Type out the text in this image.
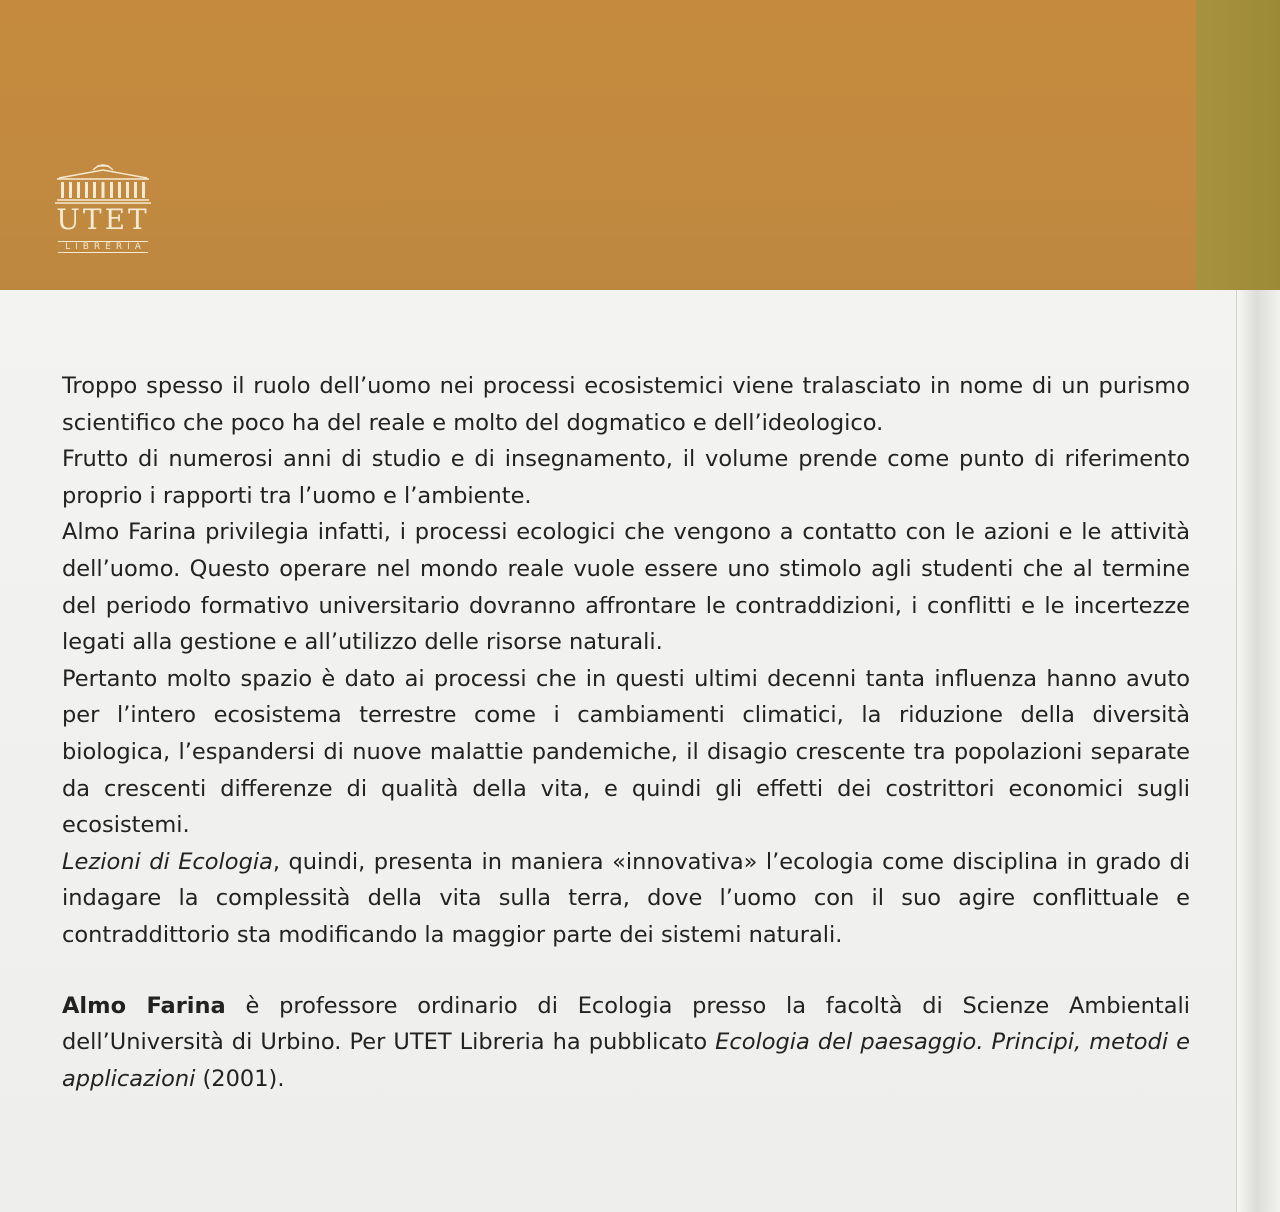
UTET
LIBRERIA

Troppo spesso il ruolo dell’uomo nei processi ecosistemici viene tralasciato in nome di un purismo scientifico che poco ha del reale e molto del dogmatico e dell’ideologico.

Frutto di numerosi anni di studio e di insegnamento, il volume prende come punto di riferimento proprio i rapporti tra l’uomo e l’ambiente.

Almo Farina privilegia infatti, i processi ecologici che vengono a contatto con le azioni e le attività dell’uomo. Questo operare nel mondo reale vuole essere uno stimolo agli studenti che al termine del periodo formativo universitario dovranno affrontare le contraddizioni, i conflitti e le incertezze legati alla gestione e all’utilizzo delle risorse naturali.

Pertanto molto spazio è dato ai processi che in questi ultimi decenni tanta influenza hanno avuto per l’intero ecosistema terrestre come i cambiamenti climatici, la riduzione della diversità biologica, l’espandersi di nuove malattie pandemiche, il disagio crescente tra popolazioni separate da crescenti differenze di qualità della vita, e quindi gli effetti dei costrittori economici sugli ecosistemi.

Lezioni di Ecologia, quindi, presenta in maniera «innovativa» l’ecologia come disciplina in grado di indagare la complessità della vita sulla terra, dove l’uomo con il suo agire conflittuale e contraddittorio sta modificando la maggior parte dei sistemi naturali.

Almo Farina è professore ordinario di Ecologia presso la facoltà di Scienze Ambientali dell’Università di Urbino. Per UTET Libreria ha pubblicato Ecologia del paesaggio. Principi, metodi e applicazioni (2001).
